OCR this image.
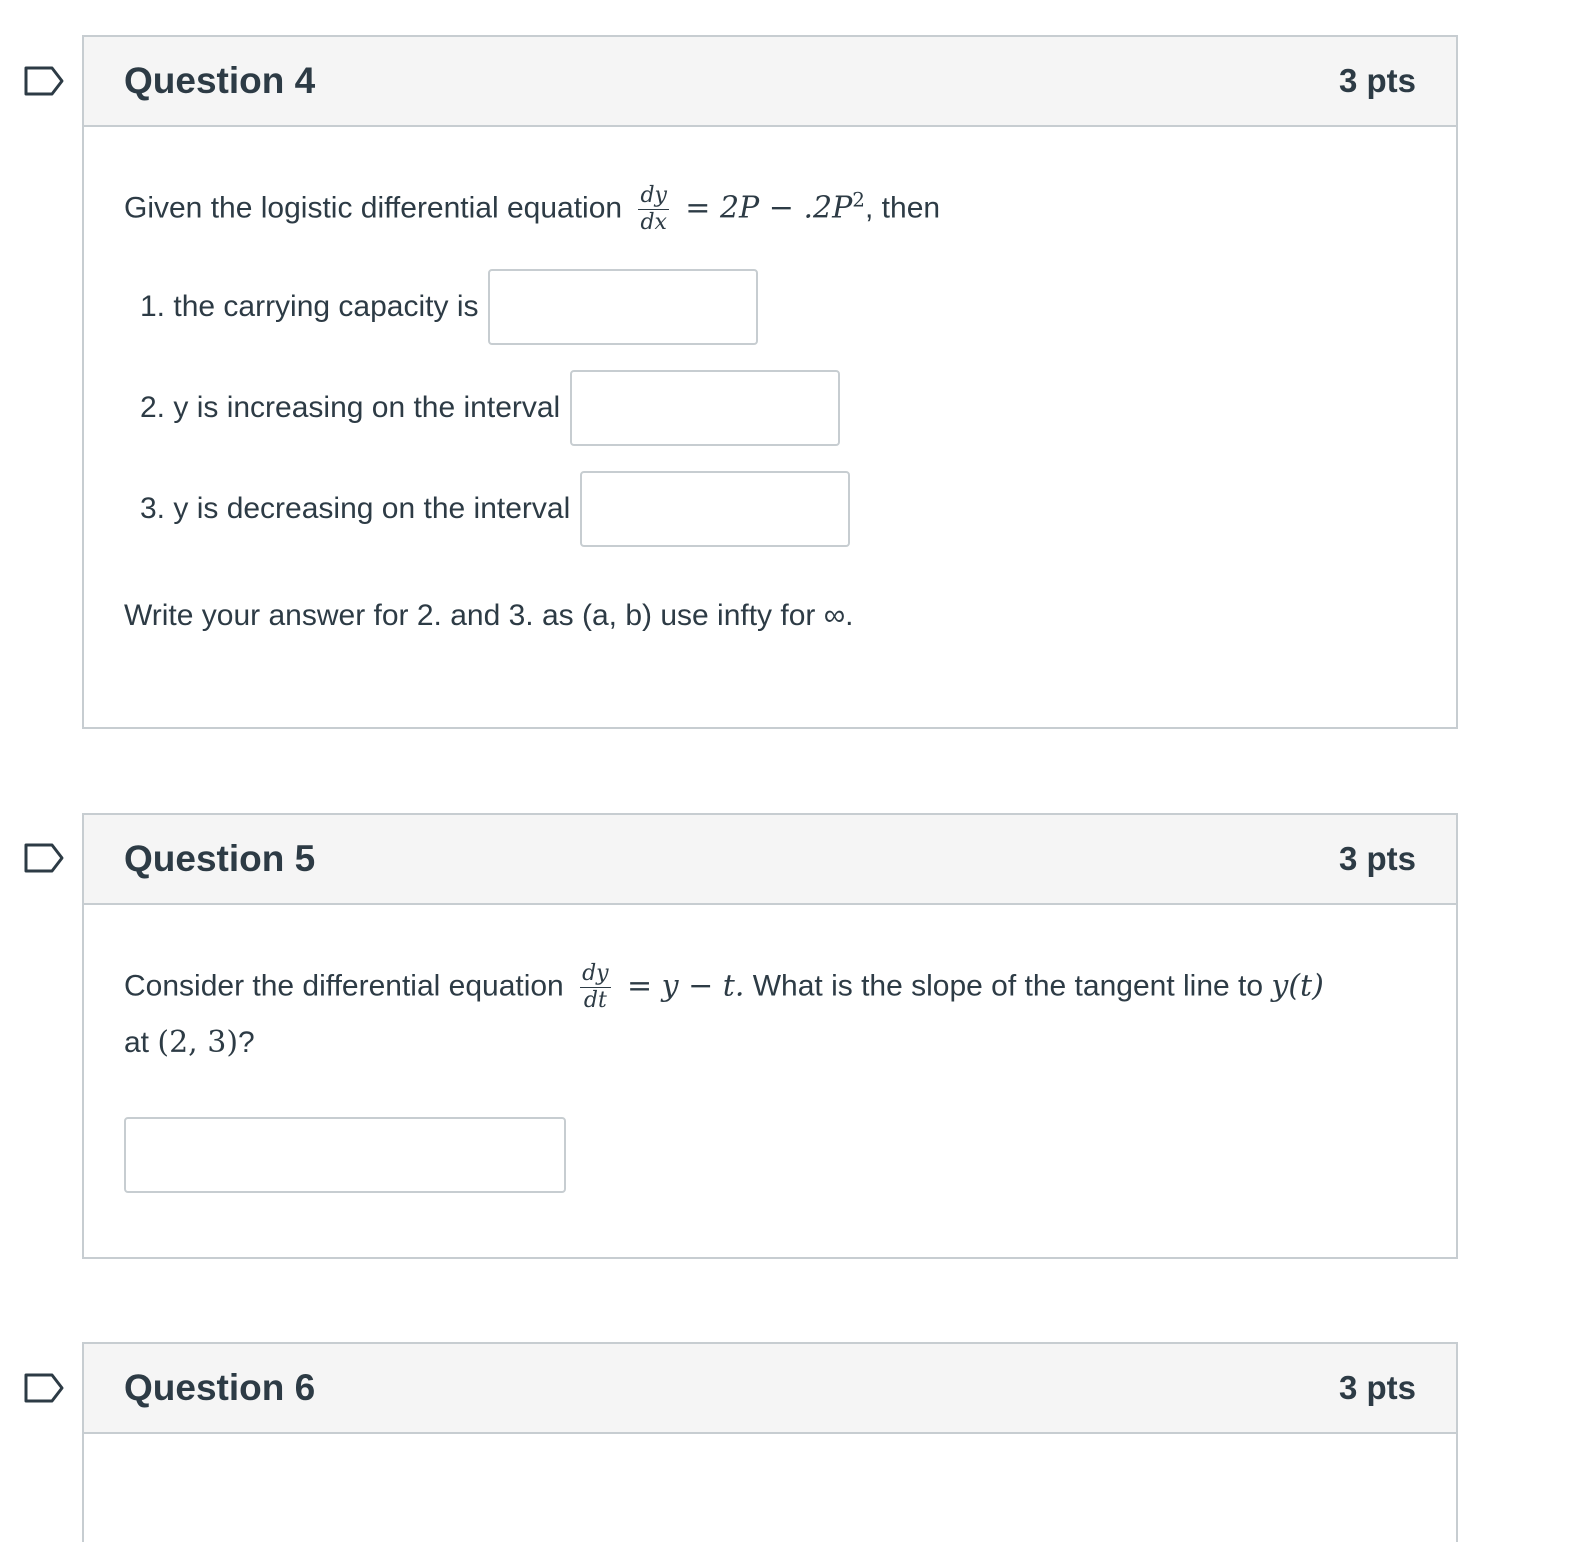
Question 4	3 pts
Given the logistic differential equation $\frac{dy}{dx} = 2P - .2P^2$, then
1. the carrying capacity is
2. y is increasing on the interval
3. y is decreasing on the interval
Write your answer for 2. and 3. as (a, b) use infty for ∞.
Question 5	3 pts
Consider the differential equation $\frac{dy}{dt} = y - t$. What is the slope of the tangent line to y(t)
at (2, 3)?
Question 6	3 pts
